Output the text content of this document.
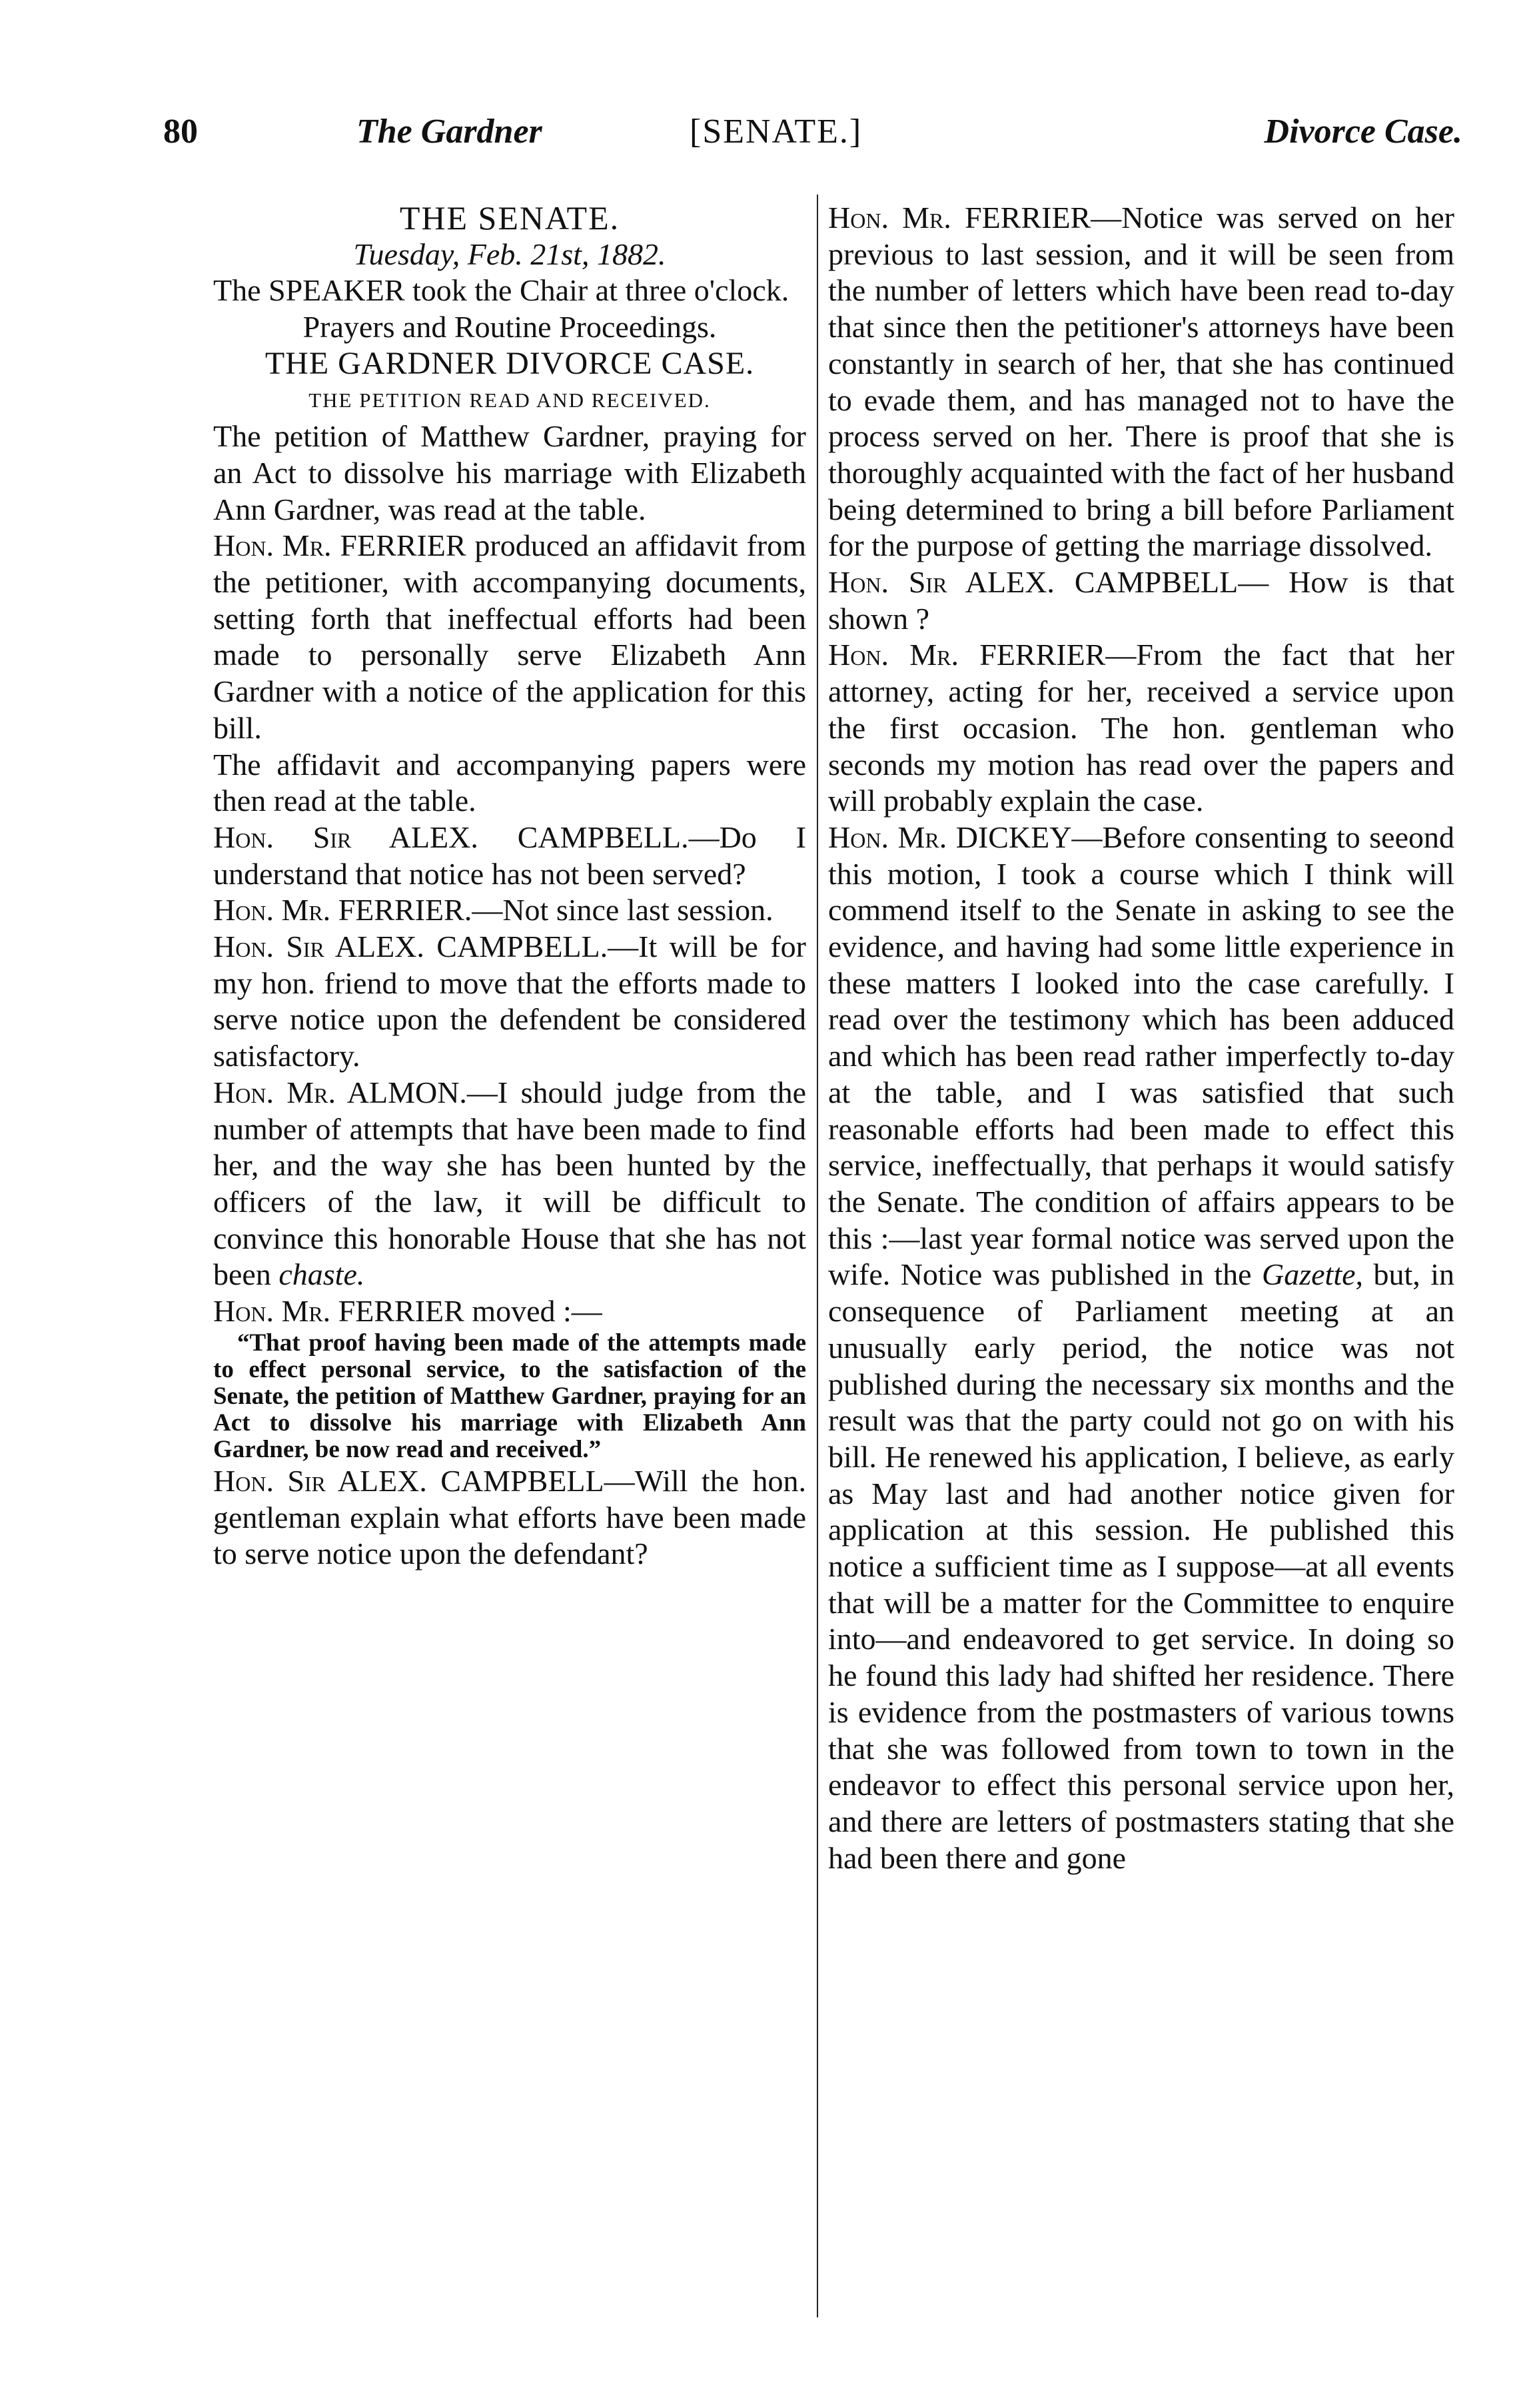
80	The Gardner	[SENATE.]	Divorce Case.

THE SENATE.

Tuesday, Feb. 21st, 1882.

The SPEAKER took the Chair at three o'clock.

Prayers and Routine Proceedings.

THE GARDNER DIVORCE CASE.

THE PETITION READ AND RECEIVED.

The petition of Matthew Gardner, praying for an Act to dissolve his marriage with Elizabeth Ann Gardner, was read at the table.

Hon. Mr. FERRIER produced an affidavit from the petitioner, with accompanying documents, setting forth that ineffectual efforts had been made to personally serve Elizabeth Ann Gardner with a notice of the application for this bill.

The affidavit and accompanying papers were then read at the table.

Hon. Sir ALEX. CAMPBELL.—Do I understand that notice has not been served?

Hon. Mr. FERRIER.—Not since last session.

Hon. Sir ALEX. CAMPBELL.—It will be for my hon. friend to move that the efforts made to serve notice upon the defendent be considered satisfactory.

Hon. Mr. ALMON.—I should judge from the number of attempts that have been made to find her, and the way she has been hunted by the officers of the law, it will be difficult to convince this honorable House that she has not been chaste.

Hon. Mr. FERRIER moved :—

“That proof having been made of the attempts made to effect personal service, to the satisfaction of the Senate, the petition of Matthew Gardner, praying for an Act to dissolve his marriage with Elizabeth Ann Gardner, be now read and received.”

Hon. Sir ALEX. CAMPBELL—Will the hon. gentleman explain what efforts have been made to serve notice upon the defendant?

Hon. Mr. FERRIER—Notice was served on her previous to last session, and it will be seen from the number of letters which have been read to-day that since then the petitioner's attorneys have been constantly in search of her, that she has continued to evade them, and has managed not to have the process served on her. There is proof that she is thoroughly acquainted with the fact of her husband being determined to bring a bill before Parliament for the purpose of getting the marriage dissolved.

Hon. Sir ALEX. CAMPBELL— How is that shown ?

Hon. Mr. FERRIER—From the fact that her attorney, acting for her, received a service upon the first occasion. The hon. gentleman who seconds my motion has read over the papers and will probably explain the case.

Hon. Mr. DICKEY—Before consenting to seeond this motion, I took a course which I think will commend itself to the Senate in asking to see the evidence, and having had some little experience in these matters I looked into the case carefully. I read over the testimony which has been adduced and which has been read rather imperfectly to-day at the table, and I was satisfied that such reasonable efforts had been made to effect this service, ineffectually, that perhaps it would satisfy the Senate. The condition of affairs appears to be this :—last year formal notice was served upon the wife. Notice was published in the Gazette, but, in consequence of Parliament meeting at an unusually early period, the notice was not published during the necessary six months and the result was that the party could not go on with his bill. He renewed his application, I believe, as early as May last and had another notice given for application at this session. He published this notice a sufficient time as I suppose—at all events that will be a matter for the Committee to enquire into—and endeavored to get service. In doing so he found this lady had shifted her residence. There is evidence from the postmasters of various towns that she was followed from town to town in the endeavor to effect this personal service upon her, and there are letters of postmasters stating that she had been there and gone
